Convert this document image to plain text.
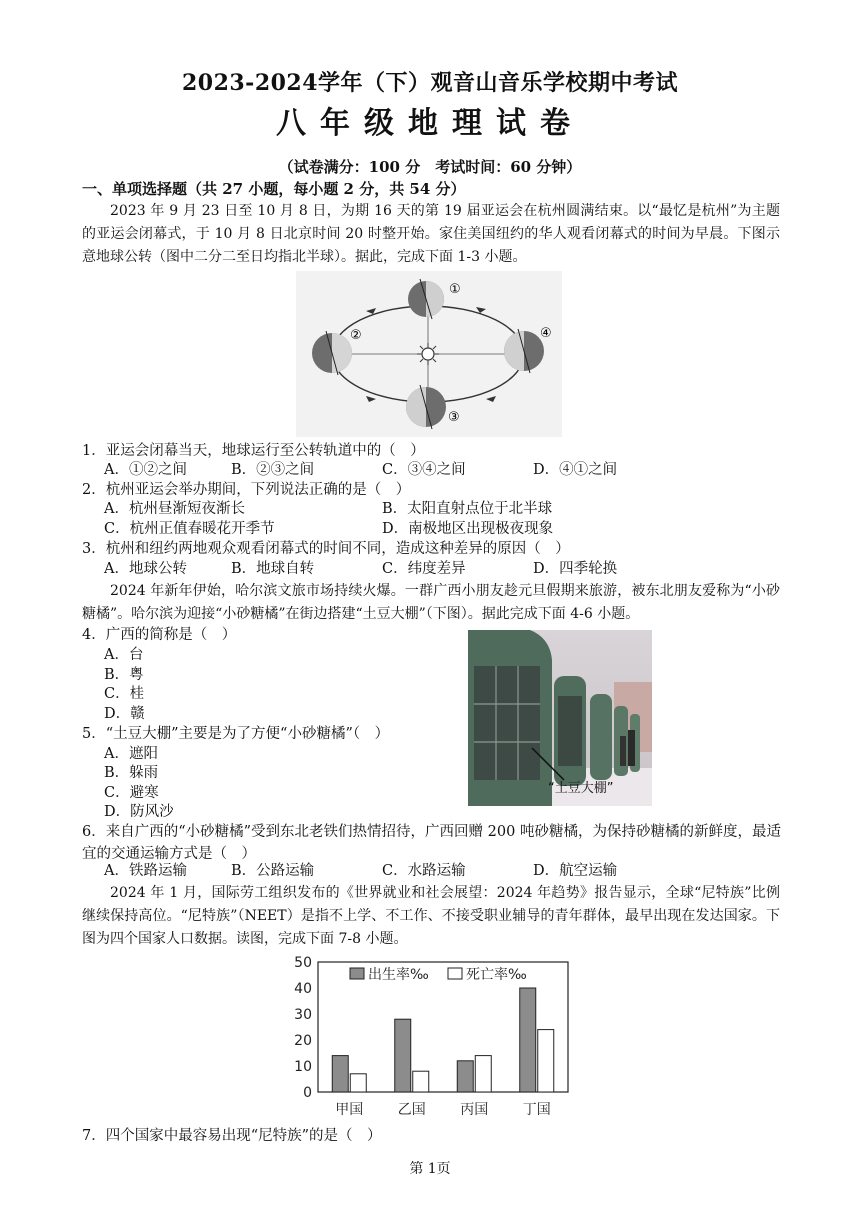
2023-2024学年（下）观音山音乐学校期中考试
八年级地理试卷
（试卷满分：100 分　考试时间：60 分钟）
一、单项选择题（共 27 小题，每小题 2 分，共 54 分）
2023 年 9 月 23 日至 10 月 8 日，为期 16 天的第 19 届亚运会在杭州圆满结束。以“最忆是杭州”为主题的亚运会闭幕式，于 10 月 8 日北京时间 20 时整开始。家住美国纽约的华人观看闭幕式的时间为早晨。下图示意地球公转（图中二分二至日均指北半球）。据此，完成下面 1-3 小题。
①
②
③
④
1．亚运会闭幕当天，地球运行至公转轨道中的（　）
A．①②之间	B．②③之间	C．③④之间	D．④①之间
2．杭州亚运会举办期间，下列说法正确的是（　）
A．杭州昼渐短夜渐长	B．太阳直射点位于北半球
C．杭州正值春暖花开季节	D．南极地区出现极夜现象
3．杭州和纽约两地观众观看闭幕式的时间不同，造成这种差异的原因（　）
A．地球公转	B．地球自转	C．纬度差异	D．四季轮换
2024 年新年伊始，哈尔滨文旅市场持续火爆。一群广西小朋友趁元旦假期来旅游，被东北朋友爱称为“小砂糖橘”。哈尔滨为迎接“小砂糖橘”在街边搭建“土豆大棚”（下图）。据此完成下面 4-6 小题。
4．广西的简称是（　）
A．台
B．粤
C．桂
D．赣
5．“土豆大棚”主要是为了方便“小砂糖橘”（　）
A．遮阳
B．躲雨
C．避寒
D．防风沙
“土豆大棚”
6．来自广西的“小砂糖橘”受到东北老铁们热情招待，广西回赠 200 吨砂糖橘，为保持砂糖橘的新鲜度，最适宜的交通运输方式是（　）
A．铁路运输	B．公路运输	C．水路运输	D．航空运输
2024 年 1 月，国际劳工组织发布的《世界就业和社会展望：2024 年趋势》报告显示，全球“尼特族”比例继续保持高位。“尼特族”（NEET）是指不上学、不工作、不接受职业辅导的青年群体，最早出现在发达国家。下图为四个国家人口数据。读图，完成下面 7-8 小题。
0
10
20
30
40
50
甲国 乙国 丙国 丁国
出生率‰	死亡率‰
7．四个国家中最容易出现“尼特族”的是（　）
第 1页
